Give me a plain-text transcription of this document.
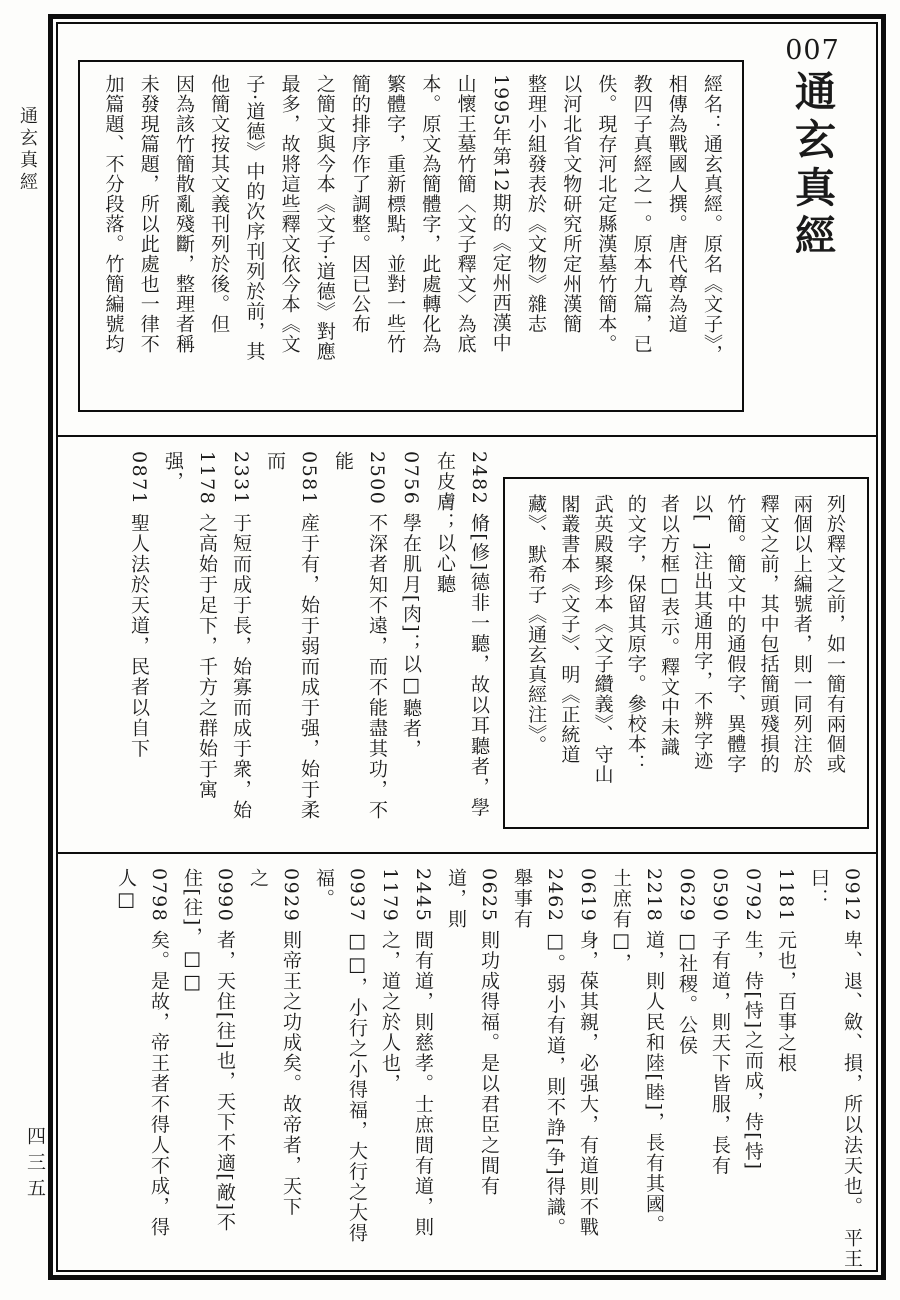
通玄真經
四三五
007
通玄真經
經名：通玄真經。原名《文子》，
相傳為戰國人撰。唐代尊為道
教四子真經之一。原本九篇，已
佚。現存河北定縣漢墓竹簡本。
以河北省文物研究所定州漢簡
整理小組發表於《文物》雜志
1995年第12期的《定州西漢中
山懷王墓竹簡〈文子釋文〉為底
本。原文為簡體字，此處轉化為
繁體字，重新標點，並對一些竹
簡的排序作了調整。因已公布
之簡文與今本《文子·道德》對應
最多，故將這些釋文依今本《文
子·道德》中的次序刊列於前，其
他簡文按其文義刊列於後。但
因為該竹簡散亂殘斷，整理者稱
未發現篇題，所以此處也一律不
加篇題、不分段落。竹簡編號均
列於釋文之前，如一簡有兩個或
兩個以上編號者，則一同列注於
釋文之前，其中包括簡頭殘損的
竹簡。簡文中的通假字、異體字
以[　]注出其通用字，不辨字迹
者以方框□表示。釋文中未識
的文字，保留其原字。參校本：
武英殿聚珍本《文子纘義》、守山
閣叢書本《文子》、明《正統道
藏》、默希子《通玄真經注》。
2482 脩[修]德非一聽，故以耳聽者，學
在皮膚；以心聽
0756 學在肌月[肉]；以□聽者，
2500 不深者知不遠，而不能盡其功，不
能
0581 産于有，始于弱而成于强，始于柔
而
2331 于短而成于長，始寡而成于衆，始
1178 之高始于足下，千方之群始于寓
强，
0871 聖人法於天道，民者以自下
0912 卑、退、斂、損，所以法天也。　平王
曰：
1181 元也，百事之根
0792 生，侍[恃]之而成，侍[恃]
0590 子有道，則天下皆服，長有
0629 □社稷。公侯
2218 道，則人民和陸[睦]，長有其國。
土庶有□，
0619 身，葆其親，必强大，有道則不戰
2462 □。弱小有道，則不諍[争]得識。
舉事有
0625 則功成得福。是以君臣之間有
道，則
2445 間有道，則慈孝。士庶間有道，則
1179 之，道之於人也，
0937 □□，小行之小得福，大行之大得
福。
0929 則帝王之功成矣。故帝者，天下
之
0990 者，天住[往]也，天下不適[敵]不
住[往]，□□
0798 矣。是故，帝王者不得人不成，得
人□
